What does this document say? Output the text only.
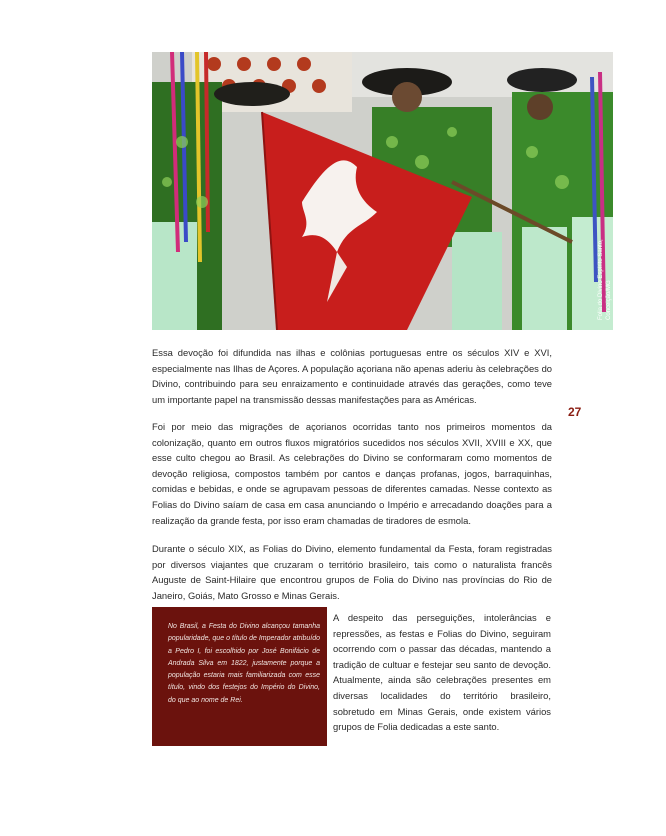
Folia do Divino Espírito Santo, Conceição/MG

Essa devoção foi difundida nas ilhas e colônias portuguesas entre os séculos XIV e XVI, especialmente nas Ilhas de Açores. A população açoriana não apenas aderiu às celebrações do Divino, contribuindo para seu enraizamento e continuidade através das gerações, como teve um importante papel na transmissão dessas manifestações para as Américas.

Foi por meio das migrações de açorianos ocorridas tanto nos primeiros momentos da colonização, quanto em outros fluxos migratórios sucedidos nos séculos XVII, XVIII e XX, que esse culto chegou ao Brasil. As celebrações do Divino se conformaram como momentos de devoção religiosa, compostos também por cantos e danças profanas, jogos, barraquinhas, comidas e bebidas, e onde se agrupavam pessoas de diferentes camadas. Nesse contexto as Folias do Divino saíam de casa em casa anunciando o Império e arrecadando doações para a realização da grande festa, por isso eram chamadas de tiradores de esmola.

Durante o século XIX, as Folias do Divino, elemento fundamental da Festa, foram registradas por diversos viajantes que cruzaram o território brasileiro, tais como o naturalista francês Auguste de Saint-Hilaire que encontrou grupos de Folia do Divino nas províncias do Rio de Janeiro, Goiás, Mato Grosso e Minas Gerais.

A despeito das perseguições, intolerâncias e repressões, as festas e Folias do Divino, seguiram ocorrendo com o passar das décadas, mantendo a tradição de cultuar e festejar seu santo de devoção. Atualmente, ainda são celebrações presentes em diversas localidades do território brasileiro, sobretudo em Minas Gerais, onde existem vários grupos de Folia dedicadas a este santo.

27

No Brasil, a Festa do Divino alcançou tamanha popularidade, que o título de Imperador atribuído a Pedro I, foi escolhido por José Bonifácio de Andrada Silva em 1822, justamente porque a população estaria mais familiarizada com esse título, vindo dos festejos do Império do Divino, do que ao nome de Rei.
